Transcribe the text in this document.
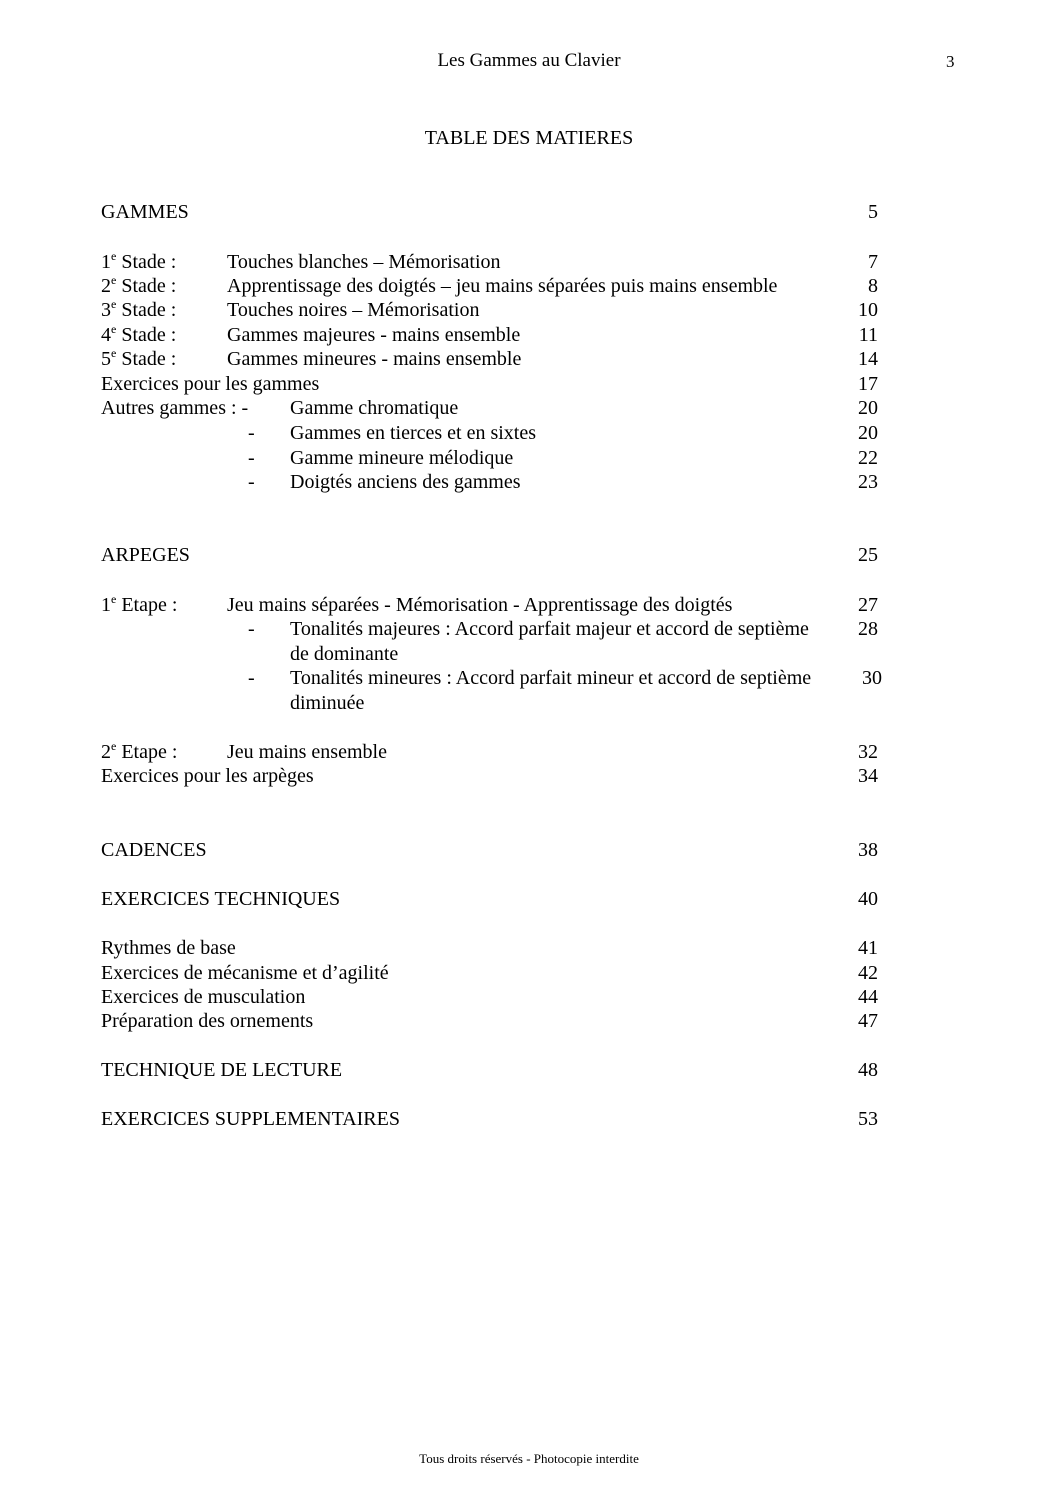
Les Gammes au Clavier	3
TABLE DES MATIERES
GAMMES	5
1e Stade :	Touches blanches – Mémorisation	7
2e Stade :	Apprentissage des doigtés – jeu mains séparées puis mains ensemble	8
3e Stade :	Touches noires – Mémorisation	10
4e Stade :	Gammes majeures - mains ensemble	11
5e Stade :	Gammes mineures - mains ensemble	14
Exercices pour les gammes	17
Autres gammes : - Gamme chromatique	20
- Gammes en tierces et en sixtes	20
- Gamme mineure mélodique	22
- Doigtés anciens des gammes	23
ARPEGES	25
1e Etape : Jeu mains séparées - Mémorisation - Apprentissage des doigtés	27
- Tonalités majeures : Accord parfait majeur et accord de septième	28
de dominante
- Tonalités mineures : Accord parfait mineur et accord de septième	30
diminuée
2e Etape : Jeu mains ensemble	32
Exercices pour les arpèges	34
CADENCES	38
EXERCICES TECHNIQUES	40
Rythmes de base	41
Exercices de mécanisme et d’agilité	42
Exercices de musculation	44
Préparation des ornements	47
TECHNIQUE DE LECTURE	48
EXERCICES SUPPLEMENTAIRES	53
Tous droits réservés - Photocopie interdite
